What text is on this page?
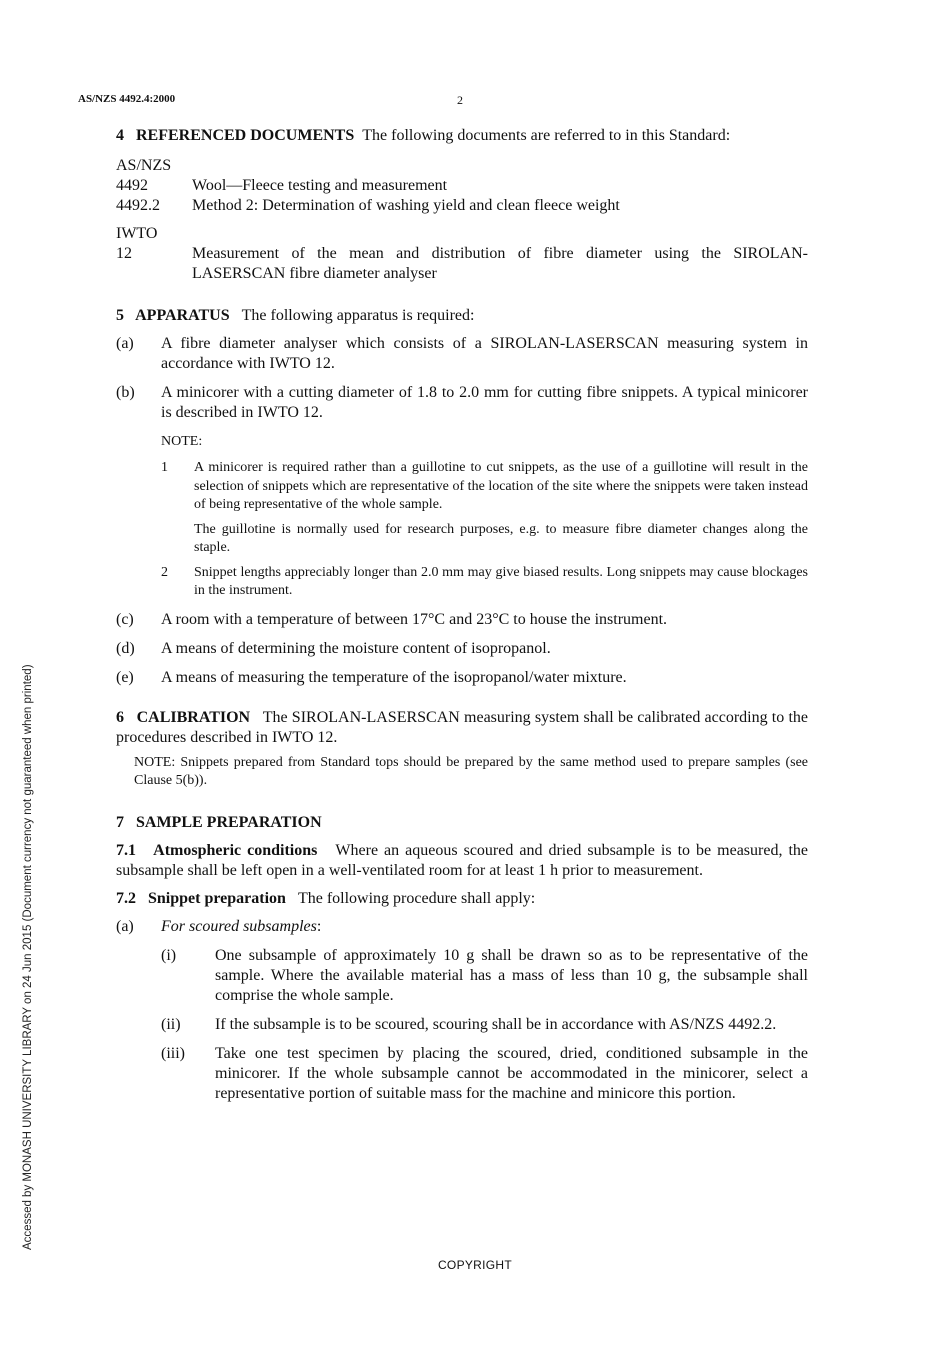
AS/NZS 4492.4:2000	2
Accessed by MONASH UNIVERSITY LIBRARY on 24 Jun 2015 (Document currency not guaranteed when printed)

4   REFERENCED DOCUMENTS The following documents are referred to in this Standard:

AS/NZS
4492	Wool—Fleece testing and measurement
4492.2	Method 2: Determination of washing yield and clean fleece weight
IWTO
12	Measurement of the mean and distribution of fibre diameter using the SIROLAN-LASERSCAN fibre diameter analyser

5   APPARATUS The following apparatus is required:

(a)	A fibre diameter analyser which consists of a SIROLAN-LASERSCAN measuring system in accordance with IWTO 12.
(b)	A minicorer with a cutting diameter of 1.8 to 2.0 mm for cutting fibre snippets. A typical minicorer is described in IWTO 12.
NOTE:
1	A minicorer is required rather than a guillotine to cut snippets, as the use of a guillotine will result in the selection of snippets which are representative of the location of the site where the snippets were taken instead of being representative of the whole sample.
The guillotine is normally used for research purposes, e.g. to measure fibre diameter changes along the staple.
2	Snippet lengths appreciably longer than 2.0 mm may give biased results. Long snippets may cause blockages in the instrument.
(c)	A room with a temperature of between 17°C and 23°C to house the instrument.
(d)	A means of determining the moisture content of isopropanol.
(e)	A means of measuring the temperature of the isopropanol/water mixture.

6   CALIBRATION The SIROLAN-LASERSCAN measuring system shall be calibrated according to the procedures described in IWTO 12.

NOTE: Snippets prepared from Standard tops should be prepared by the same method used to prepare samples (see Clause 5(b)).

7   SAMPLE PREPARATION

7.1   Atmospheric conditions Where an aqueous scoured and dried subsample is to be measured, the subsample shall be left open in a well-ventilated room for at least 1 h prior to measurement.

7.2   Snippet preparation The following procedure shall apply:

(a)	For scoured subsamples:
(i)	One subsample of approximately 10 g shall be drawn so as to be representative of the sample. Where the available material has a mass of less than 10 g, the subsample shall comprise the whole sample.
(ii)	If the subsample is to be scoured, scouring shall be in accordance with AS/NZS 4492.2.
(iii)	Take one test specimen by placing the scoured, dried, conditioned subsample in the minicorer. If the whole subsample cannot be accommodated in the minicorer, select a representative portion of suitable mass for the machine and minicore this portion.
COPYRIGHT
